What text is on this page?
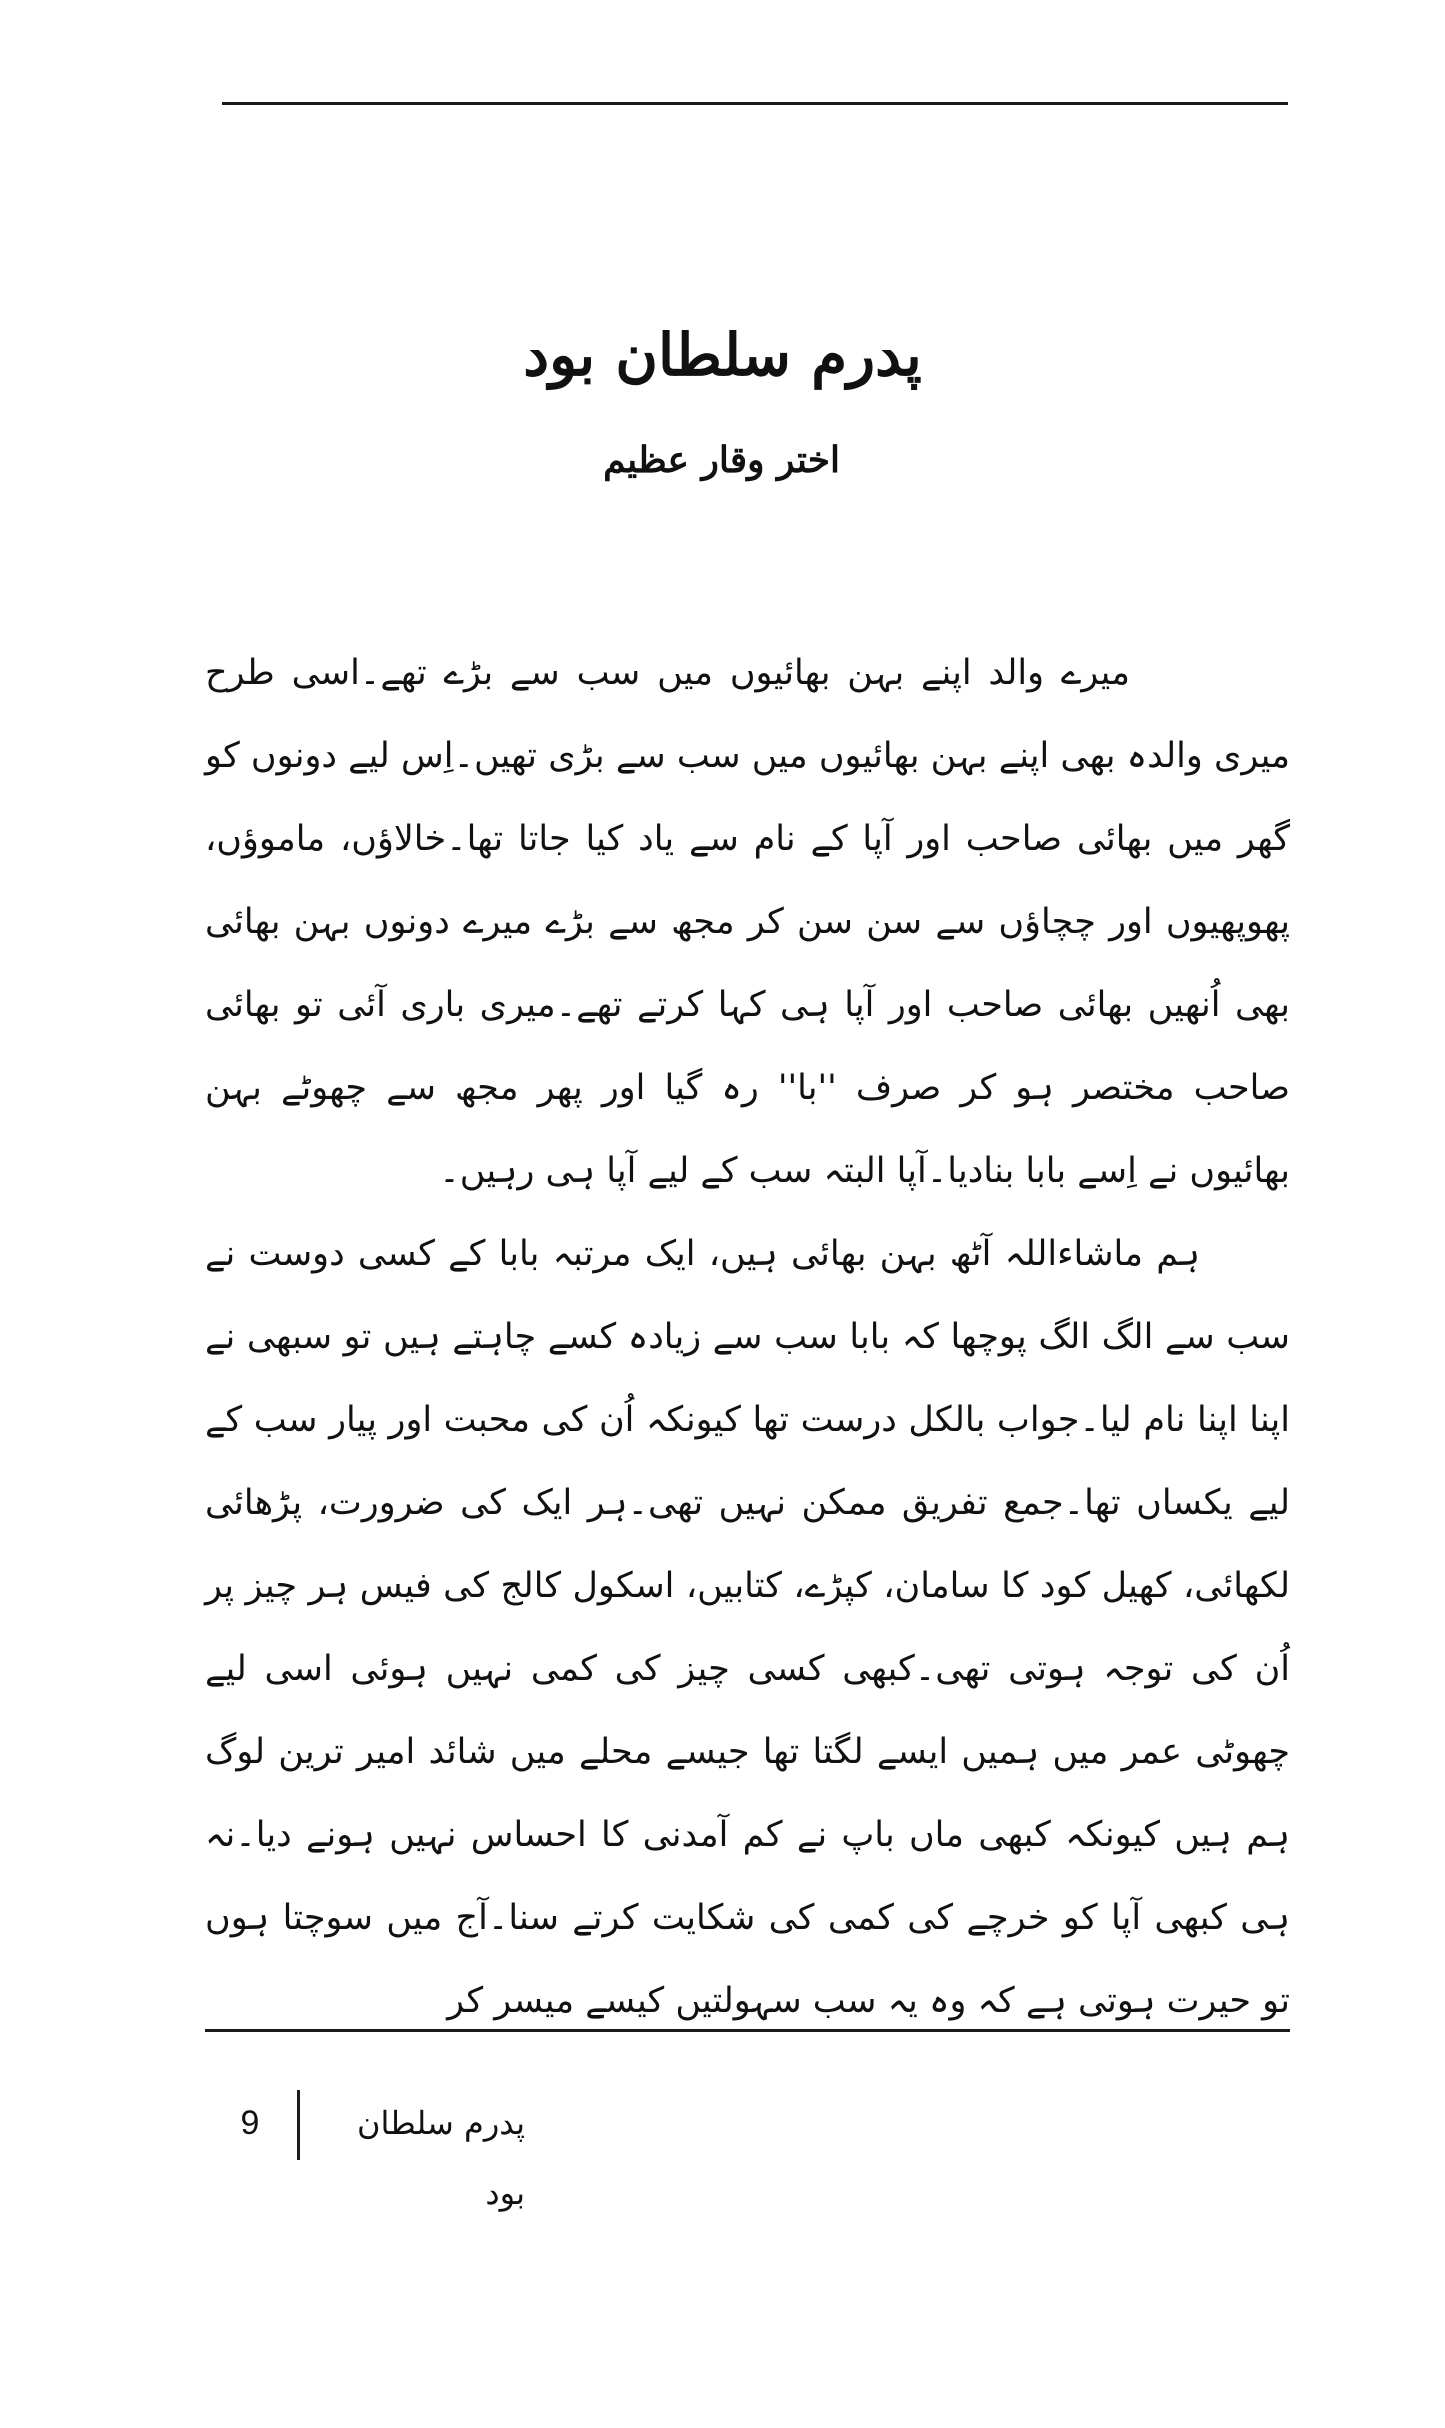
پدرم سلطان بود
اختر وقار عظیم

میرے والد اپنے بہن بھائیوں میں سب سے بڑے تھے۔اسی طرح میری والدہ بھی اپنے بہن بھائیوں میں سب سے بڑی تھیں۔اِس لیے دونوں کو گھر میں بھائی صاحب اور آپا کے نام سے یاد کیا جاتا تھا۔خالاؤں، ماموؤں، پھوپھیوں اور چچاؤں سے سن سن کر مجھ سے بڑے میرے دونوں بہن بھائی بھی اُنھیں بھائی صاحب اور آپا ہی کہا کرتے تھے۔میری باری آئی تو بھائی صاحب مختصر ہو کر صرف ''با'' رہ گیا اور پھر مجھ سے چھوٹے بہن بھائیوں نے اِسے بابا بنادیا۔آپا البتہ سب کے لیے آپا ہی رہیں۔

ہم ماشاءاللہ آٹھ بہن بھائی ہیں، ایک مرتبہ بابا کے کسی دوست نے سب سے الگ الگ پوچھا کہ بابا سب سے زیادہ کسے چاہتے ہیں تو سبھی نے اپنا اپنا نام لیا۔جواب بالکل درست تھا کیونکہ اُن کی محبت اور پیار سب کے لیے یکساں تھا۔جمع تفریق ممکن نہیں تھی۔ہر ایک کی ضرورت، پڑھائی لکھائی، کھیل کود کا سامان، کپڑے، کتابیں، اسکول کالج کی فیس ہر چیز پر اُن کی توجہ ہوتی تھی۔کبھی کسی چیز کی کمی نہیں ہوئی اسی لیے چھوٹی عمر میں ہمیں ایسے لگتا تھا جیسے محلے میں شائد امیر ترین لوگ ہم ہیں کیونکہ کبھی ماں باپ نے کم آمدنی کا احساس نہیں ہونے دیا۔نہ ہی کبھی آپا کو خرچے کی کمی کی شکایت کرتے سنا۔آج میں سوچتا ہوں تو حیرت ہوتی ہے کہ وہ یہ سب سہولتیں کیسے میسر کر

9	پدرم سلطان بود
